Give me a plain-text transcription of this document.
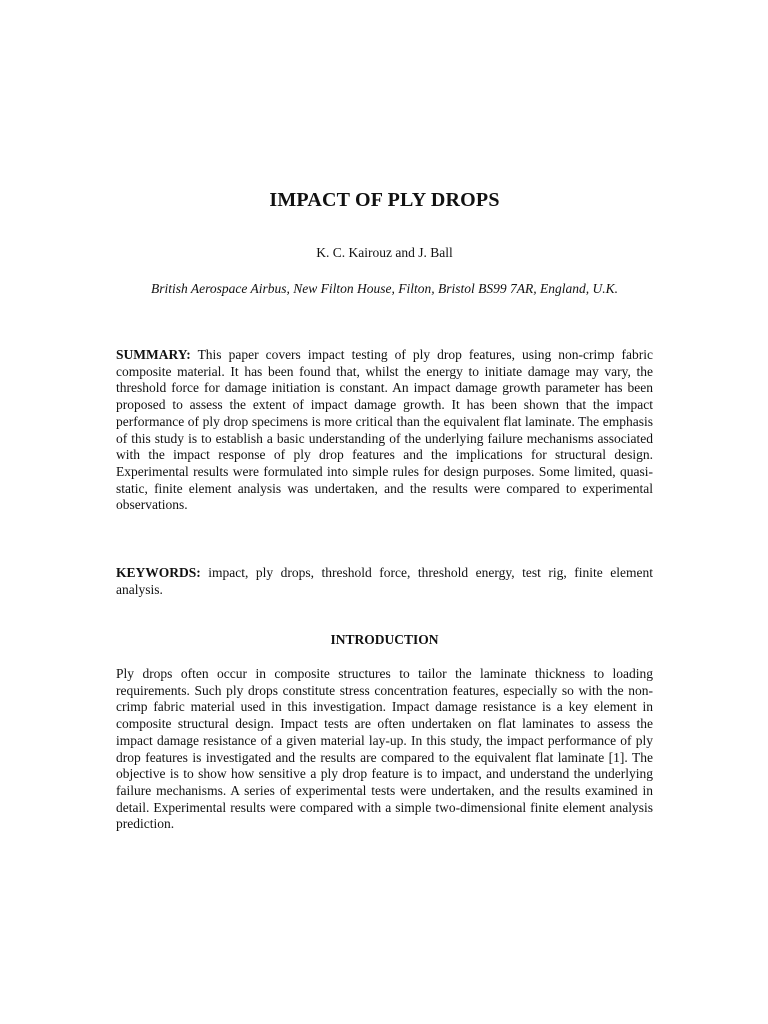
IMPACT OF PLY DROPS

K. C. Kairouz and J. Ball

British Aerospace Airbus, New Filton House, Filton, Bristol BS99 7AR, England, U.K.

SUMMARY: This paper covers impact testing of ply drop features, using non-crimp fabric composite material. It has been found that, whilst the energy to initiate damage may vary, the threshold force for damage initiation is constant. An impact damage growth parameter has been proposed to assess the extent of impact damage growth. It has been shown that the impact performance of ply drop specimens is more critical than the equivalent flat laminate. The emphasis of this study is to establish a basic understanding of the underlying failure mechanisms associated with the impact response of ply drop features and the implications for structural design. Experimental results were formulated into simple rules for design purposes. Some limited, quasi-static, finite element analysis was undertaken, and the results were compared to experimental observations.

KEYWORDS: impact, ply drops, threshold force, threshold energy, test rig, finite element analysis.

INTRODUCTION

Ply drops often occur in composite structures to tailor the laminate thickness to loading requirements. Such ply drops constitute stress concentration features, especially so with the non-crimp fabric material used in this investigation. Impact damage resistance is a key element in composite structural design. Impact tests are often undertaken on flat laminates to assess the impact damage resistance of a given material lay-up. In this study, the impact performance of ply drop features is investigated and the results are compared to the equivalent flat laminate [1]. The objective is to show how sensitive a ply drop feature is to impact, and understand the underlying failure mechanisms. A series of experimental tests were undertaken, and the results examined in detail. Experimental results were compared with a simple two-dimensional finite element analysis prediction.
